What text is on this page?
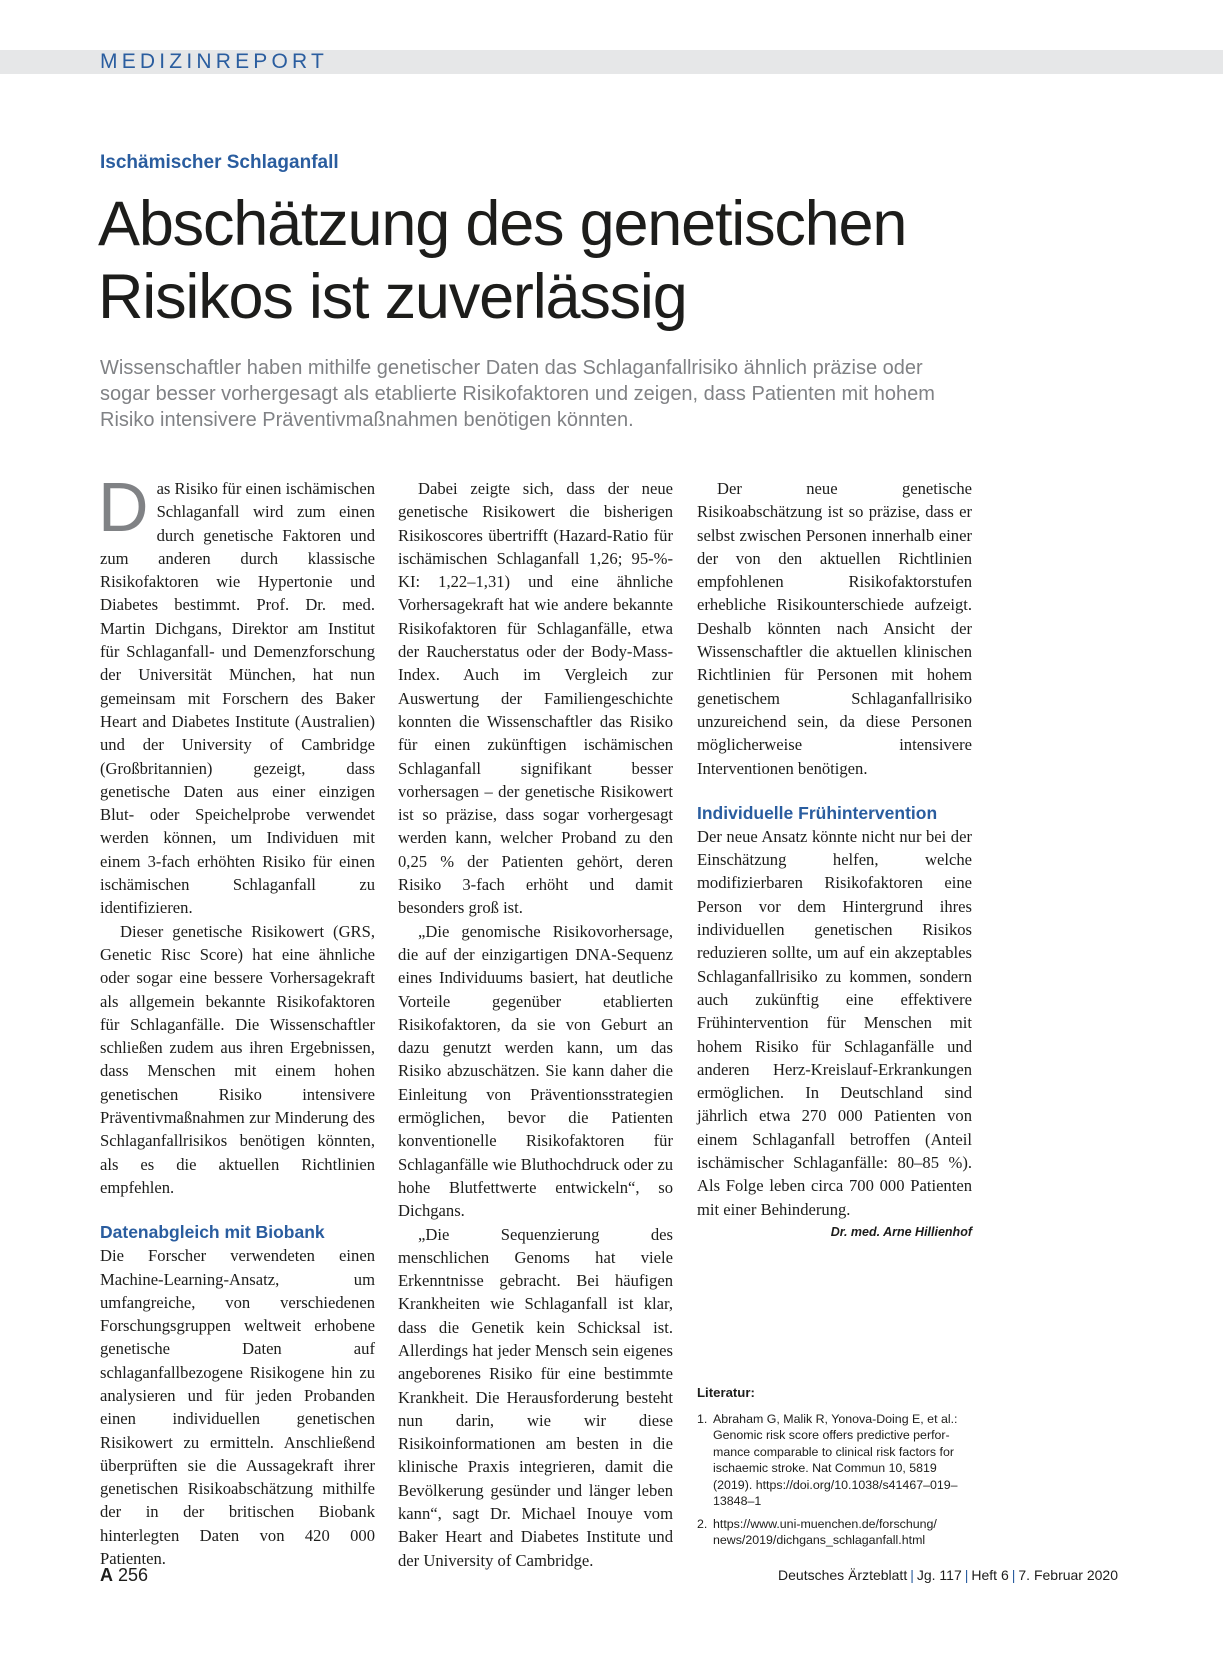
MEDIZINREPORT
Ischämischer Schlaganfall
Abschätzung des genetischen
Risikos ist zuverlässig
Wissenschaftler haben mithilfe genetischer Daten das Schlaganfallrisiko ähnlich präzise oder
sogar besser vorhergesagt als etablierte Risikofaktoren und zeigen, dass Patienten mit hohem
Risiko intensivere Präventivmaßnahmen benötigen könnten.
D as Risiko für einen ischämischen Schlaganfall wird zum einen durch genetische Faktoren und zum anderen durch klassische Risikofaktoren wie Hypertonie und Diabetes bestimmt. Prof. Dr. med. Martin Dichgans, Direktor am Institut für Schlaganfall- und Demenzforschung der Universität München, hat nun gemeinsam mit Forschern des Baker Heart and Diabetes Institute (Australien) und der University of Cambridge (Großbritannien) gezeigt, dass genetische Daten aus einer einzigen Blut- oder Speichelprobe verwendet werden können, um Individuen mit einem 3-fach erhöhten Risiko für einen ischämischen Schlaganfall zu identifizieren.

Dieser genetische Risikowert (GRS, Genetic Risc Score) hat eine ähnliche oder sogar eine bessere Vorhersagekraft als allgemein bekannte Risikofaktoren für Schlaganfälle. Die Wissenschaftler schließen zudem aus ihren Ergebnissen, dass Menschen mit einem hohen genetischen Risiko intensivere Präventivmaßnahmen zur Minderung des Schlaganfallrisikos benötigen könnten, als es die aktuellen Richtlinien empfehlen.

Datenabgleich mit Biobank

Die Forscher verwendeten einen Machine-Learning-Ansatz, um umfangreiche, von verschiedenen Forschungsgruppen weltweit erhobene genetische Daten auf schlaganfallbezogene Risikogene hin zu analysieren und für jeden Probanden einen individuellen genetischen Risikowert zu ermitteln. Anschließend überprüften sie die Aussagekraft ihrer genetischen Risikoabschätzung mithilfe der in der britischen Biobank hinterlegten Daten von 420 000 Patienten.

Dabei zeigte sich, dass der neue genetische Risikowert die bisherigen Risikoscores übertrifft (Hazard-Ratio für ischämischen Schlaganfall 1,26; 95-%-KI: 1,22–1,31) und eine ähnliche Vorhersagekraft hat wie andere bekannte Risikofaktoren für Schlaganfälle, etwa der Raucherstatus oder der Body-Mass-Index. Auch im Vergleich zur Auswertung der Familiengeschichte konnten die Wissenschaftler das Risiko für einen zukünftigen ischämischen Schlaganfall signifikant besser vorhersagen – der genetische Risikowert ist so präzise, dass sogar vorhergesagt werden kann, welcher Proband zu den 0,25 % der Patienten gehört, deren Risiko 3-fach erhöht und damit besonders groß ist.

„Die genomische Risikovorhersage, die auf der einzigartigen DNA-Sequenz eines Individuums basiert, hat deutliche Vorteile gegenüber etablierten Risikofaktoren, da sie von Geburt an dazu genutzt werden kann, um das Risiko abzuschätzen. Sie kann daher die Einleitung von Präventionsstrategien ermöglichen, bevor die Patienten konventionelle Risikofaktoren für Schlaganfälle wie Bluthochdruck oder zu hohe Blutfettwerte entwickeln“, so Dichgans.

„Die Sequenzierung des menschlichen Genoms hat viele Erkenntnisse gebracht. Bei häufigen Krankheiten wie Schlaganfall ist klar, dass die Genetik kein Schicksal ist. Allerdings hat jeder Mensch sein eigenes angeborenes Risiko für eine bestimmte Krankheit. Die Herausforderung besteht nun darin, wie wir diese Risikoinformationen am besten in die klinische Praxis integrieren, damit die Bevölkerung gesünder und länger leben kann“, sagt Dr. Michael Inouye vom Baker Heart and Diabetes Institute und der University of Cambridge.

Der neue genetische Risikoabschätzung ist so präzise, dass er selbst zwischen Personen innerhalb einer der von den aktuellen Richtlinien empfohlenen Risikofaktorstufen erhebliche Risikounterschiede aufzeigt. Deshalb könnten nach Ansicht der Wissenschaftler die aktuellen klinischen Richtlinien für Personen mit hohem genetischem Schlaganfallrisiko unzureichend sein, da diese Personen möglicherweise intensivere Interventionen benötigen.

Individuelle Frühintervention

Der neue Ansatz könnte nicht nur bei der Einschätzung helfen, welche modifizierbaren Risikofaktoren eine Person vor dem Hintergrund ihres individuellen genetischen Risikos reduzieren sollte, um auf ein akzeptables Schlaganfallrisiko zu kommen, sondern auch zukünftig eine effektivere Frühintervention für Menschen mit hohem Risiko für Schlaganfälle und anderen Herz-Kreislauf-Erkrankungen ermöglichen. In Deutschland sind jährlich etwa 270 000 Patienten von einem Schlaganfall betroffen (Anteil ischämischer Schlaganfälle: 80–85 %). Als Folge leben circa 700 000 Patienten mit einer Behinderung.
Dr. med. Arne Hillienhof

Literatur:
1. Abraham G, Malik R, Yonova-Doing E, et al.:
Genomic risk score offers predictive perfor-
mance comparable to clinical risk factors for
ischaemic stroke. Nat Commun 10, 5819
(2019). https://doi.org/10.1038/s41467–019–
13848–1
2. https://www.uni-muenchen.de/forschung/
news/2019/dichgans_schlaganfall.html
A 256	Deutsches Ärzteblatt | Jg. 117 | Heft 6 | 7. Februar 2020
